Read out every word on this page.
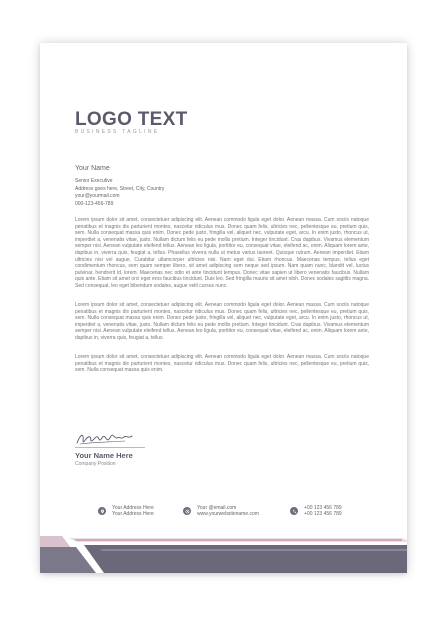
LOGO TEXT
BUSINESS TAGLINE
Your Name
Senior Executive
Address goes here, Street, City, Country
your@yourmail.com
000-123-456-789
Lorem ipsum dolor sit amet, consectetuer adipiscing elit. Aenean commodo ligula eget dolor. Aenean massa. Cum sociis natoque penatibus et magnis dis parturient montes, nascetur ridiculus mus. Donec quam felis, ultricies nec, pellentesque eu, pretium quis, sem. Nulla consequat massa quis enim. Donec pede justo, fringilla vel, aliquet nec, vulputate eget, arcu. In enim justo, rhoncus ut, imperdiet a, venenatis vitae, justo. Nullam dictum felis eu pede mollis pretium. Integer tincidunt. Cras dapibus. Vivamus elementum semper nisi. Aenean vulputate eleifend tellus. Aenean leo ligula, porttitor eu, consequat vitae, eleifend ac, enim. Aliquam lorem ante, dapibus in, viverra quis, feugiat a, tellus. Phasellus viverra nulla ut metus varius laoreet. Quisque rutrum. Aenean imperdiet. Etiam ultricies nisi vel augue. Curabitur ullamcorper ultricies nisi. Nam eget dui. Etiam rhoncus. Maecenas tempus, tellus eget condimentum rhoncus, sem quam semper libero, sit amet adipiscing sem neque sed ipsum. Nam quam nunc, blandit vel, luctus pulvinar, hendrerit id, lorem. Maecenas nec odio et ante tincidunt tempus. Donec vitae sapien ut libero venenatis faucibus. Nullam quis ante. Etiam sit amet orci eget eros faucibus tincidunt. Duis leo. Sed fringilla mauris sit amet nibh. Donec sodales sagittis magna. Sed consequat, leo eget bibendum sodales, augue velit cursus nunc.
Lorem ipsum dolor sit amet, consectetuer adipiscing elit. Aenean commodo ligula eget dolor. Aenean massa. Cum sociis natoque penatibus et magnis dis parturient montes, nascetur ridiculus mus. Donec quam felis, ultricies nec, pellentesque eu, pretium quis, sem. Nulla consequat massa quis enim. Donec pede justo, fringilla vel, aliquet nec, vulputate eget, arcu. In enim justo, rhoncus ut, imperdiet a, venenatis vitae, justo. Nullam dictum felis eu pede mollis pretium. Integer tincidunt. Cras dapibus. Vivamus elementum semper nisi. Aenean vulputate eleifend tellus. Aenean leo ligula, porttitor eu, consequat vitae, eleifend ac, enim. Aliquam lorem ante, dapibus in, viverra quis, feugiat a, tellus.
Lorem ipsum dolor sit amet, consectetuer adipiscing elit. Aenean commodo ligula eget dolor. Aenean massa. Cum sociis natoque penatibus et magnis dis parturient montes, nascetur ridiculus mus. Donec quam felis, ultricies nec, pellentesque eu, pretium quis, sem. Nulla consequat massa quis enim.
Your Name Here
Company Position
Your Address Here
Your Address Here
Your @email.com
www.yourwebsitename.com
+00 123 456 789
+00 123 456 789
